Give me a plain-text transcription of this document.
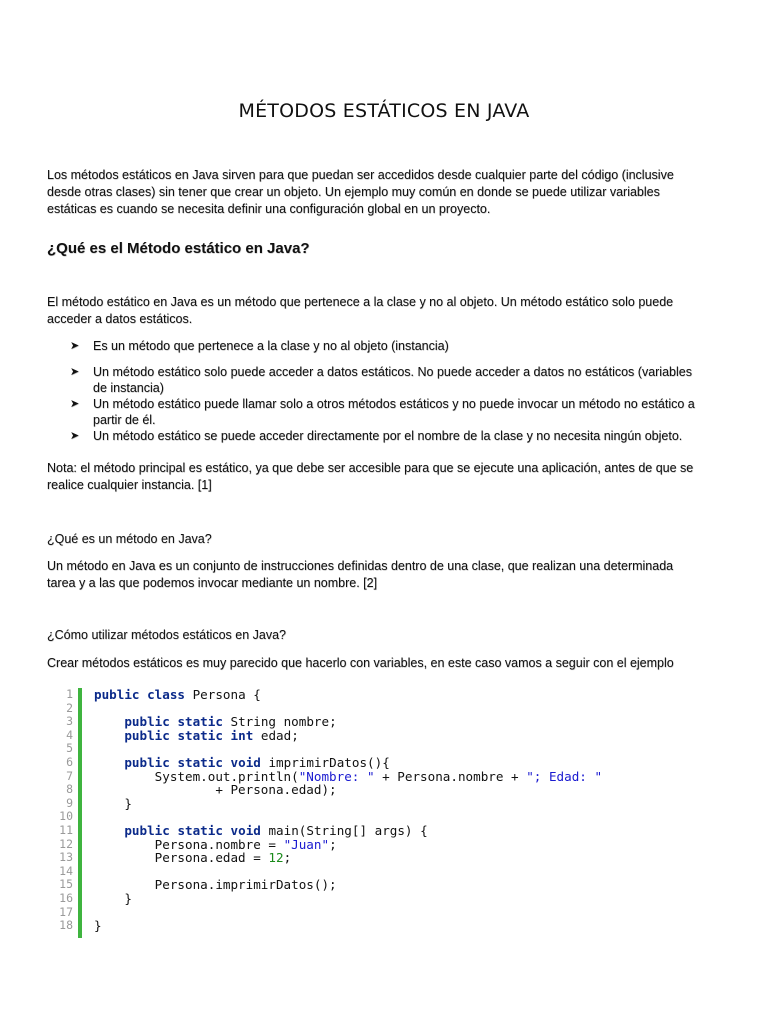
MÉTODOS ESTÁTICOS EN JAVA
Los métodos estáticos en Java sirven para que puedan ser accedidos desde cualquier parte del código (inclusive
desde otras clases) sin tener que crear un objeto. Un ejemplo muy común en donde se puede utilizar variables
estáticas es cuando se necesita definir una configuración global en un proyecto.
¿Qué es el Método estático en Java?
El método estático en Java es un método que pertenece a la clase y no al objeto. Un método estático solo puede
acceder a datos estáticos.
➤	Es un método que pertenece a la clase y no al objeto (instancia)
➤	Un método estático solo puede acceder a datos estáticos. No puede acceder a datos no estáticos (variables
de instancia)
➤	Un método estático puede llamar solo a otros métodos estáticos y no puede invocar un método no estático a
partir de él.
➤	Un método estático se puede acceder directamente por el nombre de la clase y no necesita ningún objeto.
Nota: el método principal es estático, ya que debe ser accesible para que se ejecute una aplicación, antes de que se
realice cualquier instancia. [1]
¿Qué es un método en Java?
Un método en Java es un conjunto de instrucciones definidas dentro de una clase, que realizan una determinada
tarea y a las que podemos invocar mediante un nombre. [2]
¿Cómo utilizar métodos estáticos en Java?
Crear métodos estáticos es muy parecido que hacerlo con variables, en este caso vamos a seguir con el ejemplo
1
2
3
4
5
6
7
8
9
10
11
12
13
14
15
16
17
18
public class Persona {

public static String nombre;
public static int edad;

public static void imprimirDatos(){
System.out.println("Nombre: " + Persona.nombre + "; Edad: "
+ Persona.edad);
}

public static void main(String[] args) {
Persona.nombre = "Juan";
Persona.edad = 12;

Persona.imprimirDatos();
}

}
